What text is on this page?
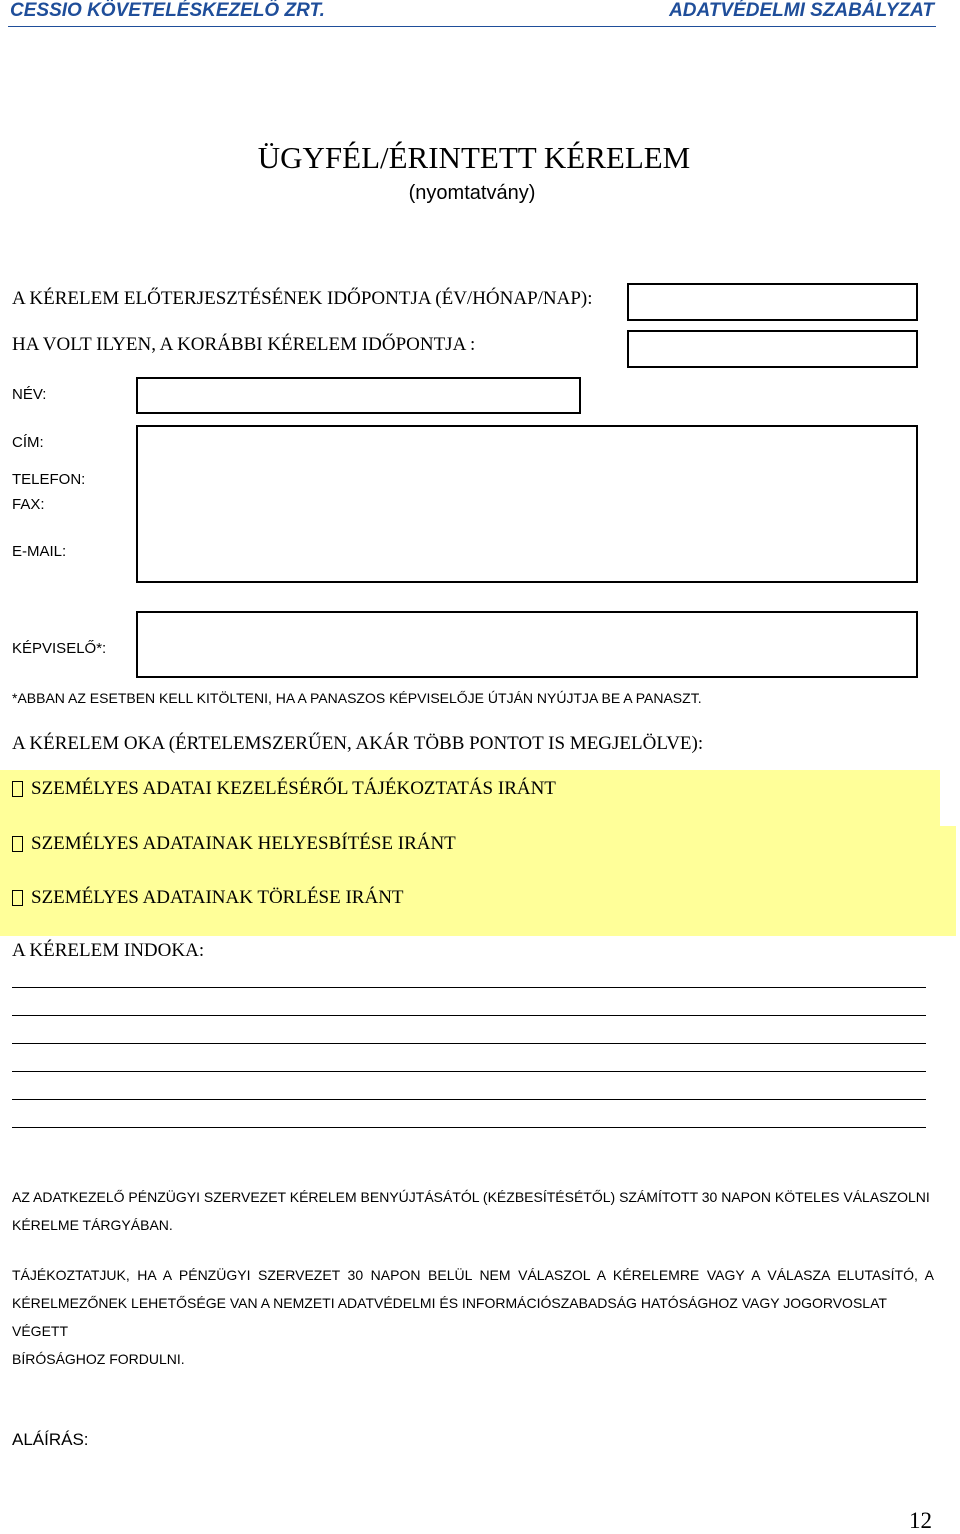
CESSIO KÖVETELÉSKEZELŐ ZRT.	ADATVÉDELMI SZABÁLYZAT
ÜGYFÉL/ÉRINTETT KÉRELEM
(nyomtatvány)
A KÉRELEM ELŐTERJESZTÉSÉNEK IDŐPONTJA (ÉV/HÓNAP/NAP):
HA VOLT ILYEN, A KORÁBBI KÉRELEM IDŐPONTJA :
NÉV:
CÍM:
TELEFON:
FAX:
E-MAIL:
KÉPVISELŐ*:
*ABBAN AZ ESETBEN KELL KITÖLTENI, HA A PANASZOS KÉPVISELŐJE ÚTJÁN NYÚJTJA BE A PANASZT.
A KÉRELEM OKA (ÉRTELEMSZERŰEN, AKÁR TÖBB PONTOT IS MEGJELÖLVE):
SZEMÉLYES ADATAI KEZELÉSÉRŐL TÁJÉKOZTATÁS IRÁNT
SZEMÉLYES ADATAINAK HELYESBÍTÉSE IRÁNT
SZEMÉLYES ADATAINAK TÖRLÉSE IRÁNT
A KÉRELEM INDOKA:
AZ ADATKEZELŐ PÉNZÜGYI SZERVEZET KÉRELEM BENYÚJTÁSÁTÓL (KÉZBESÍTÉSÉTŐL) SZÁMÍTOTT 30 NAPON KÖTELES VÁLASZOLNI
KÉRELME TÁRGYÁBAN.
TÁJÉKOZTATJUK, HA A PÉNZÜGYI SZERVEZET 30 NAPON BELÜL NEM VÁLASZOL A KÉRELEMRE VAGY A VÁLASZA ELUTASÍTÓ, A
KÉRELMEZŐNEK LEHETŐSÉGE VAN A NEMZETI ADATVÉDELMI ÉS INFORMÁCIÓSZABADSÁG HATÓSÁGHOZ VAGY JOGORVOSLAT VÉGETT
BÍRÓSÁGHOZ FORDULNI.
ALÁÍRÁS:
12
